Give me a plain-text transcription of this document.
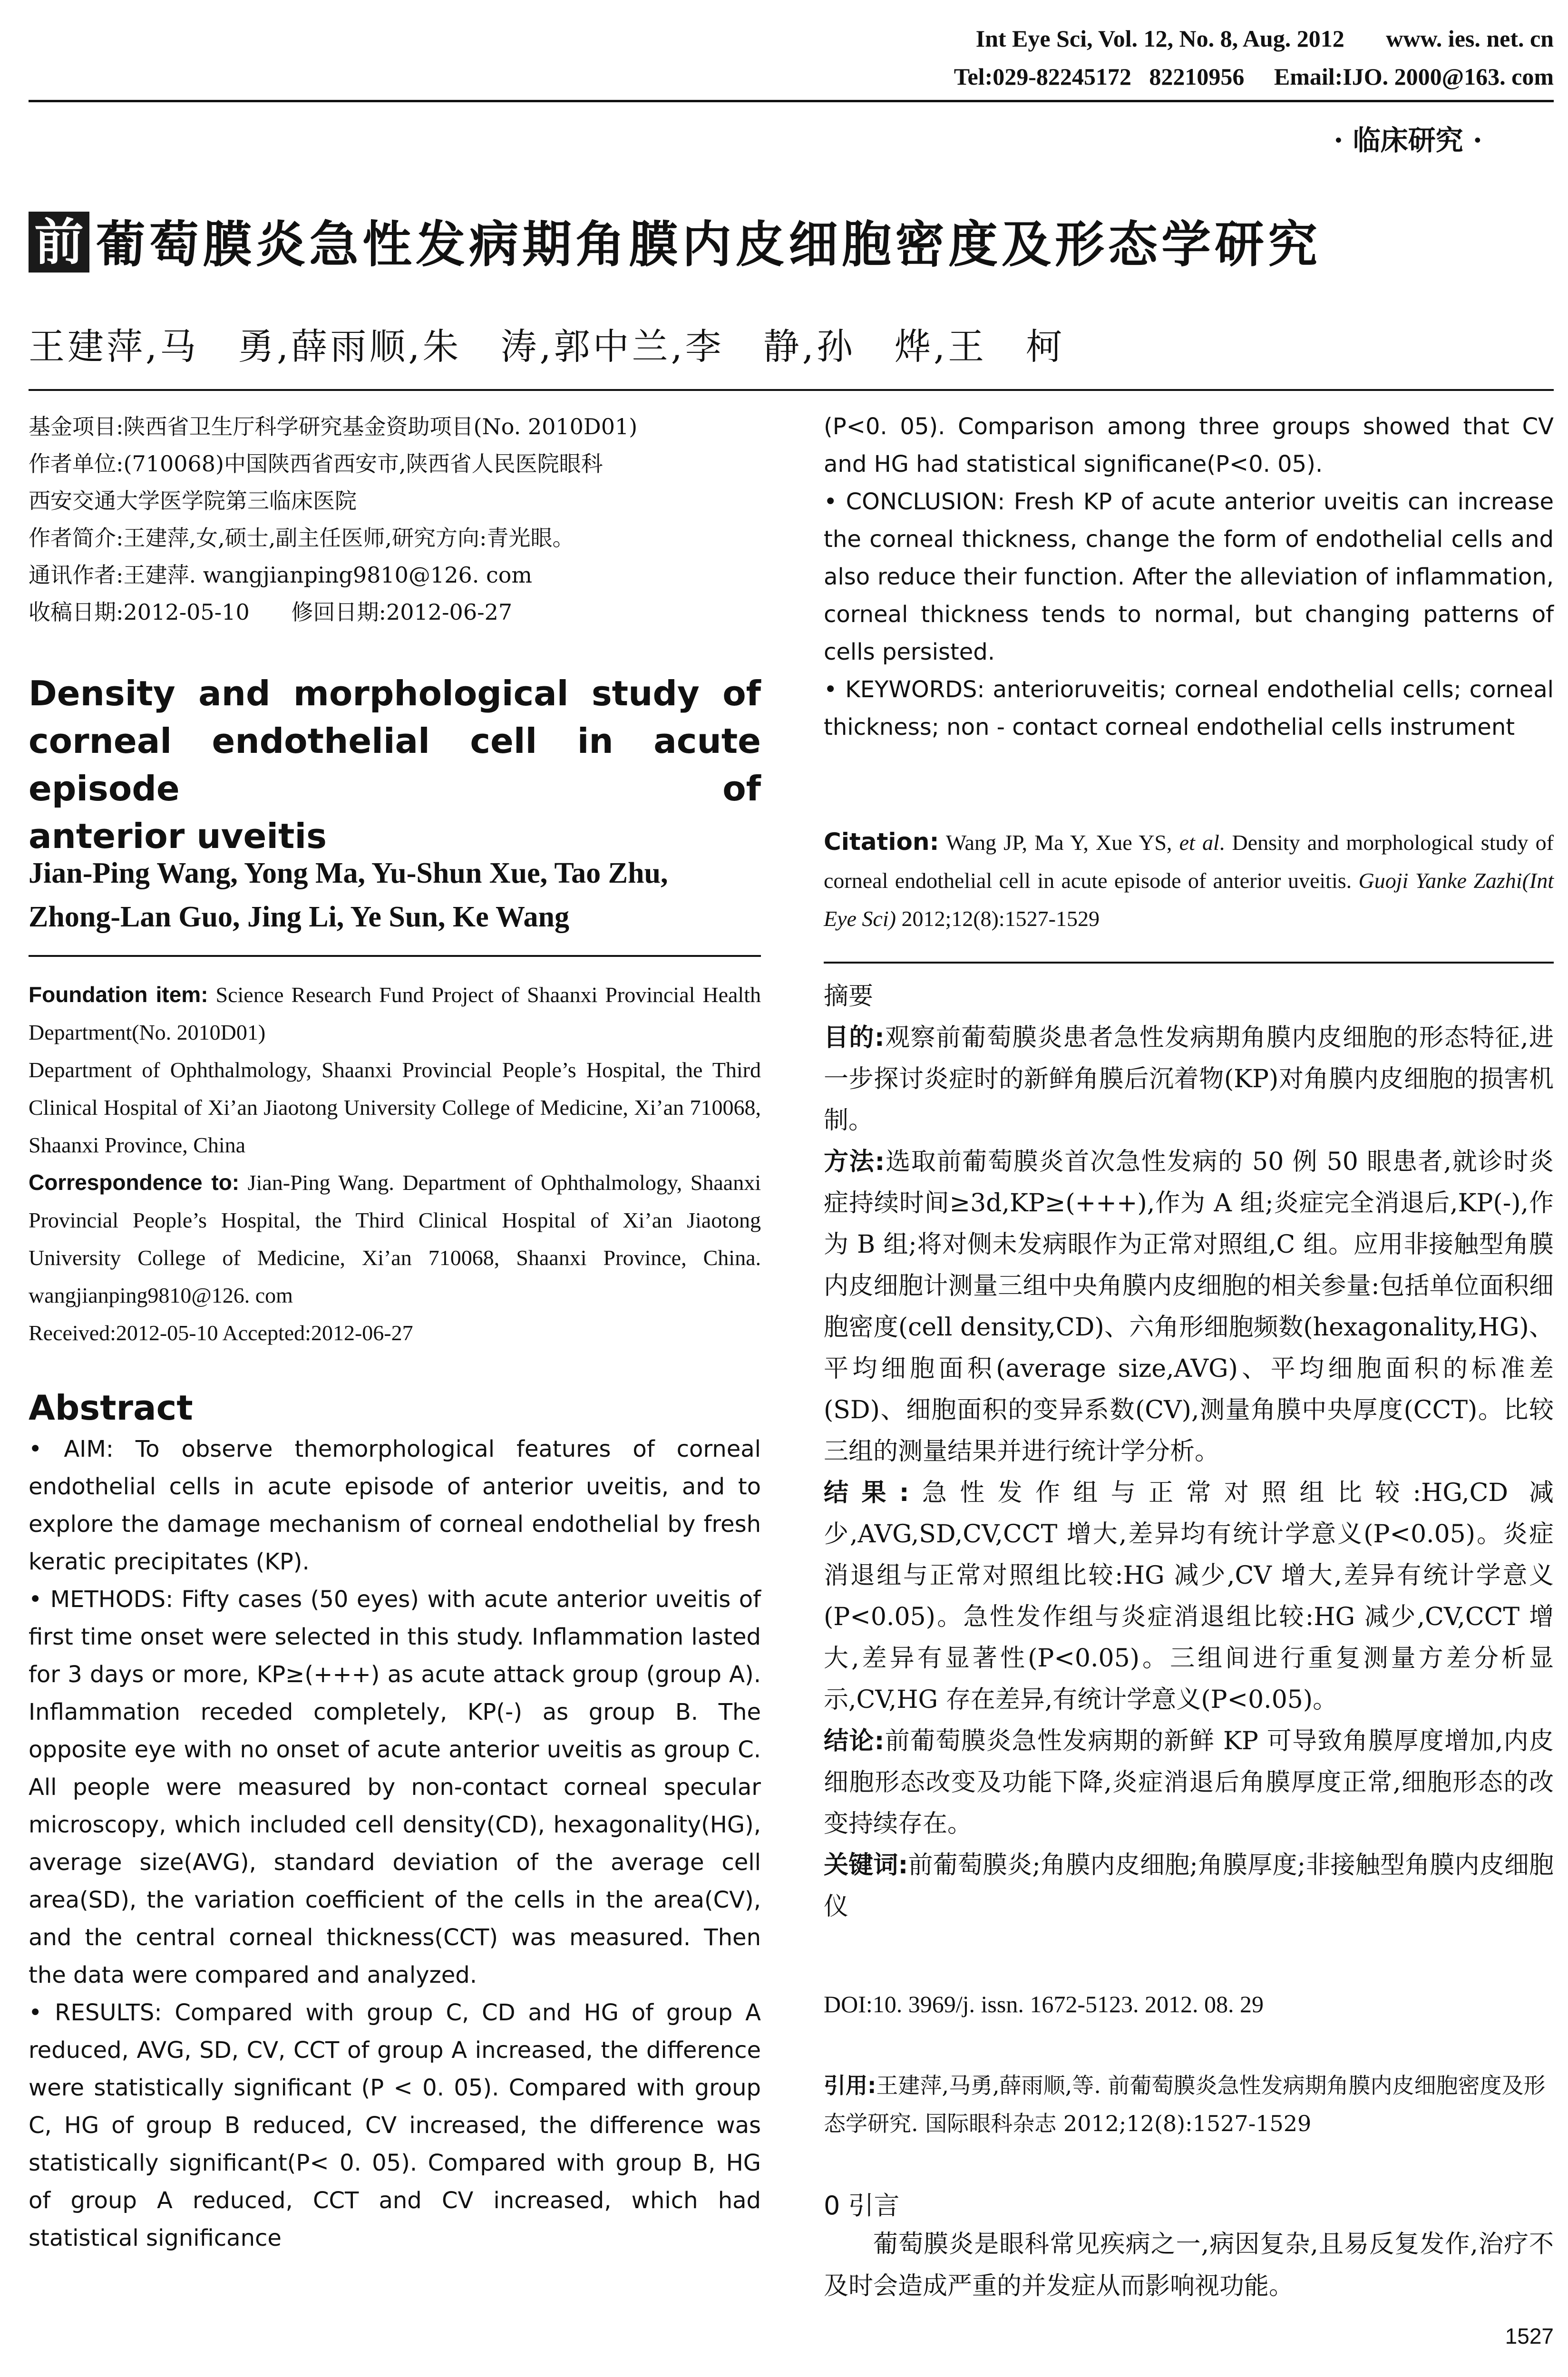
Int Eye Sci, Vol. 12, No. 8, Aug. 2012       www. ies. net. cn
Tel:029-82245172   82210956     Email:IJO. 2000@163. com
· 临床研究 ·
前 葡萄膜炎急性发病期角膜内皮细胞密度及形态学研究
王建萍,马　勇,薛雨顺,朱　涛,郭中兰,李　静,孙　烨,王　柯

基金项目:陕西省卫生厅科学研究基金资助项目(No. 2010D01)

作者单位:(710068)中国陕西省西安市,陕西省人民医院眼科

西安交通大学医学院第三临床医院

作者简介:王建萍,女,硕士,副主任医师,研究方向:青光眼。

通讯作者:王建萍. wangjianping9810@126. com

收稿日期:2012-05-10      修回日期:2012-06-27

Density and morphological study of
corneal endothelial cell in acute episode of
anterior uveitis
Jian-Ping Wang, Yong Ma, Yu-Shun Xue, Tao Zhu,
Zhong-Lan Guo, Jing Li, Ye Sun, Ke Wang

Foundation item: Science Research Fund Project of Shaanxi Provincial Health Department(No. 2010D01)

Department of Ophthalmology, Shaanxi Provincial People’s Hospital, the Third Clinical Hospital of Xi’an Jiaotong University College of Medicine, Xi’an 710068, Shaanxi Province, China

Correspondence to: Jian-Ping Wang. Department of Ophthalmology, Shaanxi Provincial People’s Hospital, the Third Clinical Hospital of Xi’an Jiaotong University College of Medicine, Xi’an 710068, Shaanxi Province, China. wangjianping9810@126. com

Received:2012-05-10 Accepted:2012-06-27

Abstract

• AIM: To observe themorphological features of corneal endothelial cells in acute episode of anterior uveitis, and to explore the damage mechanism of corneal endothelial by fresh keratic precipitates (KP).

• METHODS: Fifty cases (50 eyes) with acute anterior uveitis of first time onset were selected in this study. Inflammation lasted for 3 days or more, KP≥(+++) as acute attack group (group A). Inflammation receded completely, KP(-) as group B. The opposite eye with no onset of acute anterior uveitis as group C. All people were measured by non-contact corneal specular microscopy, which included cell density(CD), hexagonality(HG), average size(AVG), standard deviation of the average cell area(SD), the variation coefficient of the cells in the area(CV), and the central corneal thickness(CCT) was measured. Then the data were compared and analyzed.

• RESULTS: Compared with group C, CD and HG of group A reduced, AVG, SD, CV, CCT of group A increased, the difference were statistically significant (P < 0. 05). Compared with group C, HG of group B reduced, CV increased, the difference was statistically significant(P< 0. 05). Compared with group B, HG of group A reduced, CCT and CV increased, which had statistical significance

(P<0. 05). Comparison among three groups showed that CV and HG had statistical significane(P<0. 05).

• CONCLUSION: Fresh KP of acute anterior uveitis can increase the corneal thickness, change the form of endothelial cells and also reduce their function. After the alleviation of inflammation, corneal thickness tends to normal, but changing patterns of cells persisted.

• KEYWORDS: anterioruveitis; corneal endothelial cells; corneal thickness; non - contact corneal endothelial cells instrument

Citation: Wang JP, Ma Y, Xue YS, et al. Density and morphological study of corneal endothelial cell in acute episode of anterior uveitis. Guoji Yanke Zazhi(Int Eye Sci) 2012;12(8):1527-1529

摘要

目的:观察前葡萄膜炎患者急性发病期角膜内皮细胞的形态特征,进一步探讨炎症时的新鲜角膜后沉着物(KP)对角膜内皮细胞的损害机制。

方法:选取前葡萄膜炎首次急性发病的 50 例 50 眼患者,就诊时炎症持续时间≥3d,KP≥(+++),作为 A 组;炎症完全消退后,KP(-),作为 B 组;将对侧未发病眼作为正常对照组,C 组。应用非接触型角膜内皮细胞计测量三组中央角膜内皮细胞的相关参量:包括单位面积细胞密度(cell density,CD)、六角形细胞频数(hexagonality,HG)、平均细胞面积(average size,AVG)、平均细胞面积的标准差(SD)、细胞面积的变异系数(CV),测量角膜中央厚度(CCT)。比较三组的测量结果并进行统计学分析。

结果:急性发作组与正常对照组比较:HG,CD 减少,AVG,SD,CV,CCT 增大,差异均有统计学意义(P<0.05)。炎症消退组与正常对照组比较:HG 减少,CV 增大,差异有统计学意义(P<0.05)。急性发作组与炎症消退组比较:HG 减少,CV,CCT 增大,差异有显著性(P<0.05)。三组间进行重复测量方差分析显示,CV,HG 存在差异,有统计学意义(P<0.05)。

结论:前葡萄膜炎急性发病期的新鲜 KP 可导致角膜厚度增加,内皮细胞形态改变及功能下降,炎症消退后角膜厚度正常,细胞形态的改变持续存在。

关键词:前葡萄膜炎;角膜内皮细胞;角膜厚度;非接触型角膜内皮细胞仪

DOI:10. 3969/j. issn. 1672-5123. 2012. 08. 29
引用:王建萍,马勇,薛雨顺,等. 前葡萄膜炎急性发病期角膜内皮细胞密度及形态学研究. 国际眼科杂志 2012;12(8):1527-1529
0 引言
葡萄膜炎是眼科常见疾病之一,病因复杂,且易反复发作,治疗不及时会造成严重的并发症从而影响视功能。
1527
